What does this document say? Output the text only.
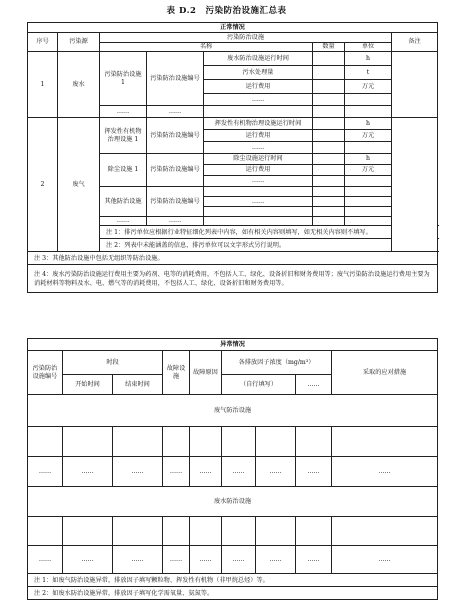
表 D.2　污染防治设施汇总表
正常情况							
序号	污染源	污染防治设施					备注
		名称			数量	单位	
1	废水	污染防治设施 1	污染防治设施编号	废水防治设施运行时间		h	
				污水处理量		t	
				运行费用		万元	
				……			
		……	……				
2	废气	挥发性有机物治理设施 1	污染防治设施编号	挥发性有机物治理设施运行时间		h	
				运行费用		万元	
				……			
		除尘设施 1	污染防治设施编号	除尘设施运行时间		h	
				运行费用		万元	
				……			
		其他防治设施	污染防治设施编号				
				……			

		……	……				
		注 1：排污单位应根据行业特征细化列表中内容，如有相关内容则填写，如无相关内容则不填写。					
		注 2：列表中未能涵盖的信息，排污单位可以文字形式另行说明。					
注 3：其他防治设施中包括无组织等防治设施。							
注 4：废水污染防治设施运行费用主要为药剂、电等的消耗费用，不包括人工、绿化、设备折旧和财务费用等；废气污染防治设施运行费用主要为消耗材料等物料及水、电、燃气等的消耗费用，不包括人工、绿化、设备折旧和财务费用等。							
异常情况								
污染防治设施编号	时段		故障设施	故障原因	各排放因子浓度（mg/m³）			采取的应对措施
	开始时间	结束时间			（自行填写）		……	
废气防治设施								

……	……	……	……	……	……	……	……	……
废水防治设施								

……	……	……	……	……	……	……	……	……
注 1：如废气防治设施异常，排放因子填写颗粒物、挥发性有机物（非甲烷总烃）等。								
注 2：如废水防治设施异常，排放因子填写化学需氧量、氨氮等。								
